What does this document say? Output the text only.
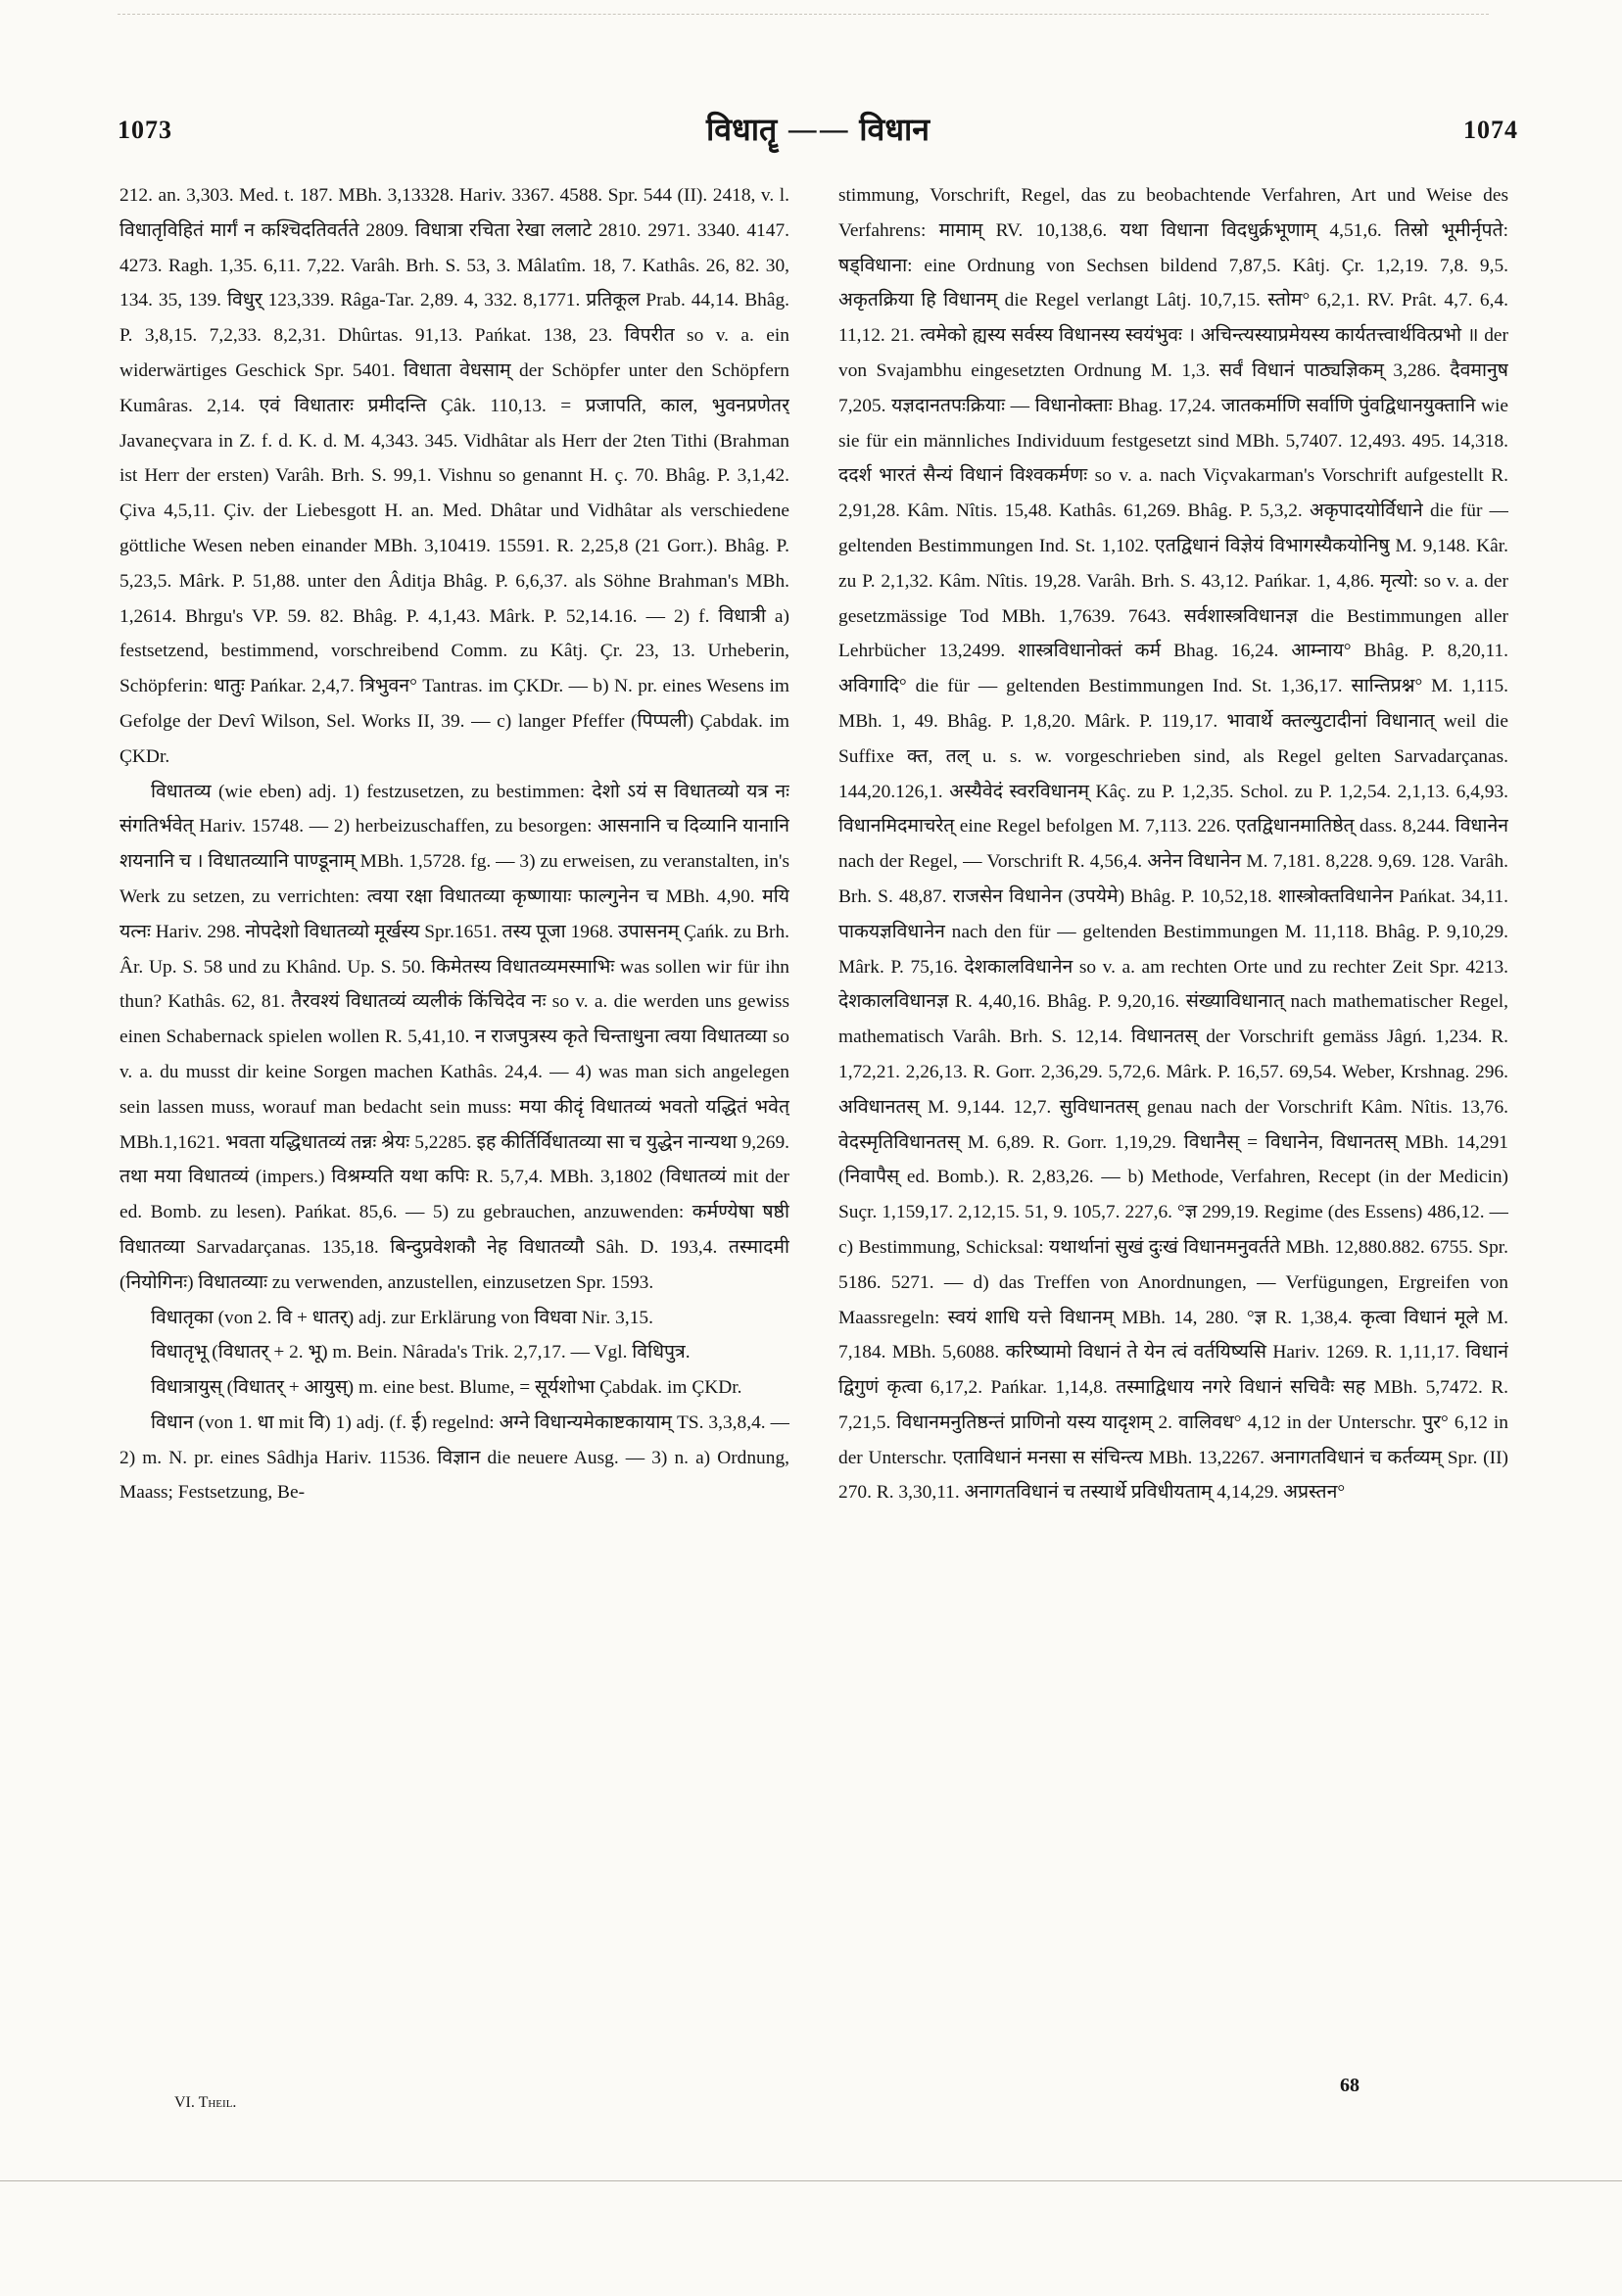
1073	विधातॄ —— विधान	1074

212. an. 3,303. Med. t. 187. MBh. 3,13328. Hariv. 3367. 4588. Spr. 544 (II). 2418, v. l. विधातृविहितं मार्गं न कश्चिदतिवर्तते 2809. विधात्रा रचिता रेखा ललाटे 2810. 2971. 3340. 4147. 4273. Ragh. 1,35. 6,11. 7,22. Varâh. Brh. S. 53, 3. Mâlatîm. 18, 7. Kathâs. 26, 82. 30, 134. 35, 139. विधुर् 123,339. Râga-Tar. 2,89. 4, 332. 8,1771. प्रतिकूल Prab. 44,14. Bhâg. P. 3,8,15. 7,2,33. 8,2,31. Dhûrtas. 91,13. Pańkat. 138, 23. विपरीत so v. a. ein widerwärtiges Geschick Spr. 5401. विधाता वेधसाम् der Schöpfer unter den Schöpfern Kumâras. 2,14. एवं विधातारः प्रमीदन्ति Çâk. 110,13. = प्रजापति, काल, भुवनप्रणेतर् Javaneçvara in Z. f. d. K. d. M. 4,343. 345. Vidhâtar als Herr der 2ten Tithi (Brahman ist Herr der ersten) Varâh. Brh. S. 99,1. Vishnu so genannt H. ç. 70. Bhâg. P. 3,1,42. Çiva 4,5,11. Çiv. der Liebesgott H. an. Med. Dhâtar und Vidhâtar als verschiedene göttliche Wesen neben einander MBh. 3,10419. 15591. R. 2,25,8 (21 Gorr.). Bhâg. P. 5,23,5. Mârk. P. 51,88. unter den Âditja Bhâg. P. 6,6,37. als Söhne Brahman's MBh. 1,2614. Bhrgu's VP. 59. 82. Bhâg. P. 4,1,43. Mârk. P. 52,14.16. — 2) f. विधात्री a) festsetzend, bestimmend, vorschreibend Comm. zu Kâtj. Çr. 23, 13. Urheberin, Schöpferin: धातुः Pańkar. 2,4,7. त्रिभुवन° Tantras. im ÇKDr. — b) N. pr. eines Wesens im Gefolge der Devî Wilson, Sel. Works II, 39. — c) langer Pfeffer (पिप्पली) Çabdak. im ÇKDr.

विधातव्य (wie eben) adj. 1) festzusetzen, zu bestimmen: देशो ऽयं स विधातव्यो यत्र नः संगतिर्भवेत् Hariv. 15748. — 2) herbeizuschaffen, zu besorgen: आसनानि च दिव्यानि यानानि शयनानि च । विधातव्यानि पाण्डूनाम् MBh. 1,5728. fg. — 3) zu erweisen, zu veranstalten, in's Werk zu setzen, zu verrichten: त्वया रक्षा विधातव्या कृष्णायाः फाल्गुनेन च MBh. 4,90. मयि यत्नः Hariv. 298. नोपदेशो विधातव्यो मूर्खस्य Spr.1651. तस्य पूजा 1968. उपासनम् Çańk. zu Brh. Âr. Up. S. 58 und zu Khând. Up. S. 50. किमेतस्य विधातव्यमस्माभिः was sollen wir für ihn thun? Kathâs. 62, 81. तैरवश्यं विधातव्यं व्यलीकं किंचिदेव नः so v. a. die werden uns gewiss einen Schabernack spielen wollen R. 5,41,10. न राजपुत्रस्य कृते चिन्ताधुना त्वया विधातव्या so v. a. du musst dir keine Sorgen machen Kathâs. 24,4. — 4) was man sich angelegen sein lassen muss, worauf man bedacht sein muss: मया कीदृं विधातव्यं भवतो यद्धितं भवेत् MBh.1,1621. भवता यद्धिधातव्यं तन्नः श्रेयः 5,2285. इह कीर्तिर्विधातव्या सा च युद्धेन नान्यथा 9,269. तथा मया विधातव्यं (impers.) विश्रम्यति यथा कपिः R. 5,7,4. MBh. 3,1802 (विधातव्यं mit der ed. Bomb. zu lesen). Pańkat. 85,6. — 5) zu gebrauchen, anzuwenden: कर्मण्येषा षष्ठी विधातव्या Sarvadarçanas. 135,18. बिन्दुप्रवेशकौ नेह विधातव्यौ Sâh. D. 193,4. तस्मादमी (नियोगिनः) विधातव्याः zu verwenden, anzustellen, einzusetzen Spr. 1593.

विधातृका (von 2. वि + धातर्) adj. zur Erklärung von विधवा Nir. 3,15.

विधातृभू (विधातर् + 2. भू) m. Bein. Nârada's Trik. 2,7,17. — Vgl. विधिपुत्र.

विधात्रायुस् (विधातर् + आयुस्) m. eine best. Blume, = सूर्यशोभा Çabdak. im ÇKDr.

विधान (von 1. धा mit वि) 1) adj. (f. ई) regelnd: अग्ने विधान्यमेकाष्टकायाम् TS. 3,3,8,4. — 2) m. N. pr. eines Sâdhja Hariv. 11536. विज्ञान die neuere Ausg. — 3) n. a) Ordnung, Maass; Festsetzung, Be-

stimmung, Vorschrift, Regel, das zu beobachtende Verfahren, Art und Weise des Verfahrens: मामाम् RV. 10,138,6. यथा विधाना विदधुर्क्रभूणाम् 4,51,6. तिस्रो भूमीर्नृपते: षड्विधाना: eine Ordnung von Sechsen bildend 7,87,5. Kâtj. Çr. 1,2,19. 7,8. 9,5. अकृतक्रिया हि विधानम् die Regel verlangt Lâtj. 10,7,15. स्तोम° 6,2,1. RV. Prât. 4,7. 6,4. 11,12. 21. त्वमेको ह्यस्य सर्वस्य विधानस्य स्वयंभुवः । अचिन्त्यस्याप्रमेयस्य कार्यतत्त्वार्थवित्प्रभो ॥ der von Svajambhu eingesetzten Ordnung M. 1,3. सर्वं विधानं पाठ्यज्ञिकम् 3,286. दैवमानुष 7,205. यज्ञदानतपःक्रियाः — विधानोक्ताः Bhag. 17,24. जातकर्माणि सर्वाणि पुंवद्विधानयुक्तानि wie sie für ein männliches Individuum festgesetzt sind MBh. 5,7407. 12,493. 495. 14,318. ददर्श भारतं सैन्यं विधानं विश्वकर्मणः so v. a. nach Viçvakarman's Vorschrift aufgestellt R. 2,91,28. Kâm. Nîtis. 15,48. Kathâs. 61,269. Bhâg. P. 5,3,2. अकृपादयोर्विधाने die für — geltenden Bestimmungen Ind. St. 1,102. एतद्विधानं विज्ञेयं विभागस्यैकयोनिषु M. 9,148. Kâr. zu P. 2,1,32. Kâm. Nîtis. 19,28. Varâh. Brh. S. 43,12. Pańkar. 1, 4,86. मृत्यो: so v. a. der gesetzmässige Tod MBh. 1,7639. 7643. सर्वशास्त्रविधानज्ञ die Bestimmungen aller Lehrbücher 13,2499. शास्त्रविधानोक्तं कर्म Bhag. 16,24. आम्नाय° Bhâg. P. 8,20,11. अविगादि° die für — geltenden Bestimmungen Ind. St. 1,36,17. सान्तिप्रश्न° M. 1,115. MBh. 1, 49. Bhâg. P. 1,8,20. Mârk. P. 119,17. भावार्थे क्तल्युटादीनां विधानात् weil die Suffixe क्त, तल् u. s. w. vorgeschrieben sind, als Regel gelten Sarvadarçanas. 144,20.126,1. अस्यैवेदं स्वरविधानम् Kâç. zu P. 1,2,35. Schol. zu P. 1,2,54. 2,1,13. 6,4,93. विधानमिदमाचरेत् eine Regel befolgen M. 7,113. 226. एतद्विधानमातिष्ठेत् dass. 8,244. विधानेन nach der Regel, — Vorschrift R. 4,56,4. अनेन विधानेन M. 7,181. 8,228. 9,69. 128. Varâh. Brh. S. 48,87. राजसेन विधानेन (उपयेमे) Bhâg. P. 10,52,18. शास्त्रोक्तविधानेन Pańkat. 34,11. पाकयज्ञविधानेन nach den für — geltenden Bestimmungen M. 11,118. Bhâg. P. 9,10,29. Mârk. P. 75,16. देशकालविधानेन so v. a. am rechten Orte und zu rechter Zeit Spr. 4213. देशकालविधानज्ञ R. 4,40,16. Bhâg. P. 9,20,16. संख्याविधानात् nach mathematischer Regel, mathematisch Varâh. Brh. S. 12,14. विधानतस् der Vorschrift gemäss Jâgń. 1,234. R. 1,72,21. 2,26,13. R. Gorr. 2,36,29. 5,72,6. Mârk. P. 16,57. 69,54. Weber, Krshnag. 296. अविधानतस् M. 9,144. 12,7. सुविधानतस् genau nach der Vorschrift Kâm. Nîtis. 13,76. वेदस्मृतिविधानतस् M. 6,89. R. Gorr. 1,19,29. विधानैस् = विधानेन, विधानतस् MBh. 14,291 (निवापैस् ed. Bomb.). R. 2,83,26. — b) Methode, Verfahren, Recept (in der Medicin) Suçr. 1,159,17. 2,12,15. 51, 9. 105,7. 227,6. °ज्ञ 299,19. Regime (des Essens) 486,12. — c) Bestimmung, Schicksal: यथार्थानां सुखं दुःखं विधानमनुवर्तते MBh. 12,880.882. 6755. Spr. 5186. 5271. — d) das Treffen von Anordnungen, — Verfügungen, Ergreifen von Maassregeln: स्वयं शाधि यत्ते विधानम् MBh. 14, 280. °ज्ञ R. 1,38,4. कृत्वा विधानं मूले M. 7,184. MBh. 5,6088. करिष्यामो विधानं ते येन त्वं वर्तयिष्यसि Hariv. 1269. R. 1,11,17. विधानं द्विगुणं कृत्वा 6,17,2. Pańkar. 1,14,8. तस्माद्विधाय नगरे विधानं सचिवैः सह MBh. 5,7472. R. 7,21,5. विधानमनुतिष्ठन्तं प्राणिनो यस्य यादृशम् 2. वालिवध° 4,12 in der Unterschr. पुर° 6,12 in der Unterschr. एताविधानं मनसा स संचिन्त्य MBh. 13,2267. अनागतविधानं च कर्तव्यम् Spr. (II) 270. R. 3,30,11. अनागतविधानं च तस्यार्थे प्रविधीयताम् 4,14,29. अप्रस्तन°

VI. Theil.
68
